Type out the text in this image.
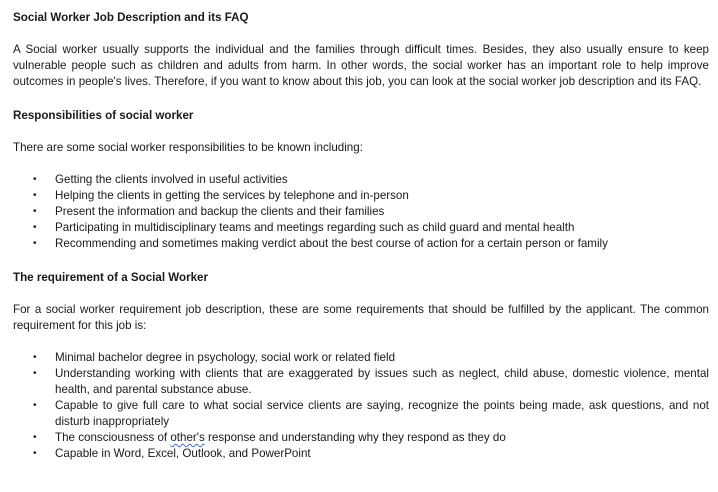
Social Worker Job Description and its FAQ

A Social worker usually supports the individual and the families through difficult times. Besides, they also usually ensure to keep vulnerable people such as children and adults from harm. In other words, the social worker has an important role to help improve outcomes in people's lives. Therefore, if you want to know about this job, you can look at the social worker job description and its FAQ.

Responsibilities of social worker

There are some social worker responsibilities to be known including:

• Getting the clients involved in useful activities
• Helping the clients in getting the services by telephone and in-person
• Present the information and backup the clients and their families
• Participating in multidisciplinary teams and meetings regarding such as child guard and mental health
• Recommending and sometimes making verdict about the best course of action for a certain person or family
The requirement of a Social Worker

For a social worker requirement job description, these are some requirements that should be fulfilled by the applicant. The common requirement for this job is:

• Minimal bachelor degree in psychology, social work or related field
• Understanding working with clients that are exaggerated by issues such as neglect, child abuse, domestic violence, mental health, and parental substance abuse.
• Capable to give full care to what social service clients are saying, recognize the points being made, ask questions, and not disturb inappropriately
• The consciousness of other's response and understanding why they respond as they do
• Capable in Word, Excel, Outlook, and PowerPoint
